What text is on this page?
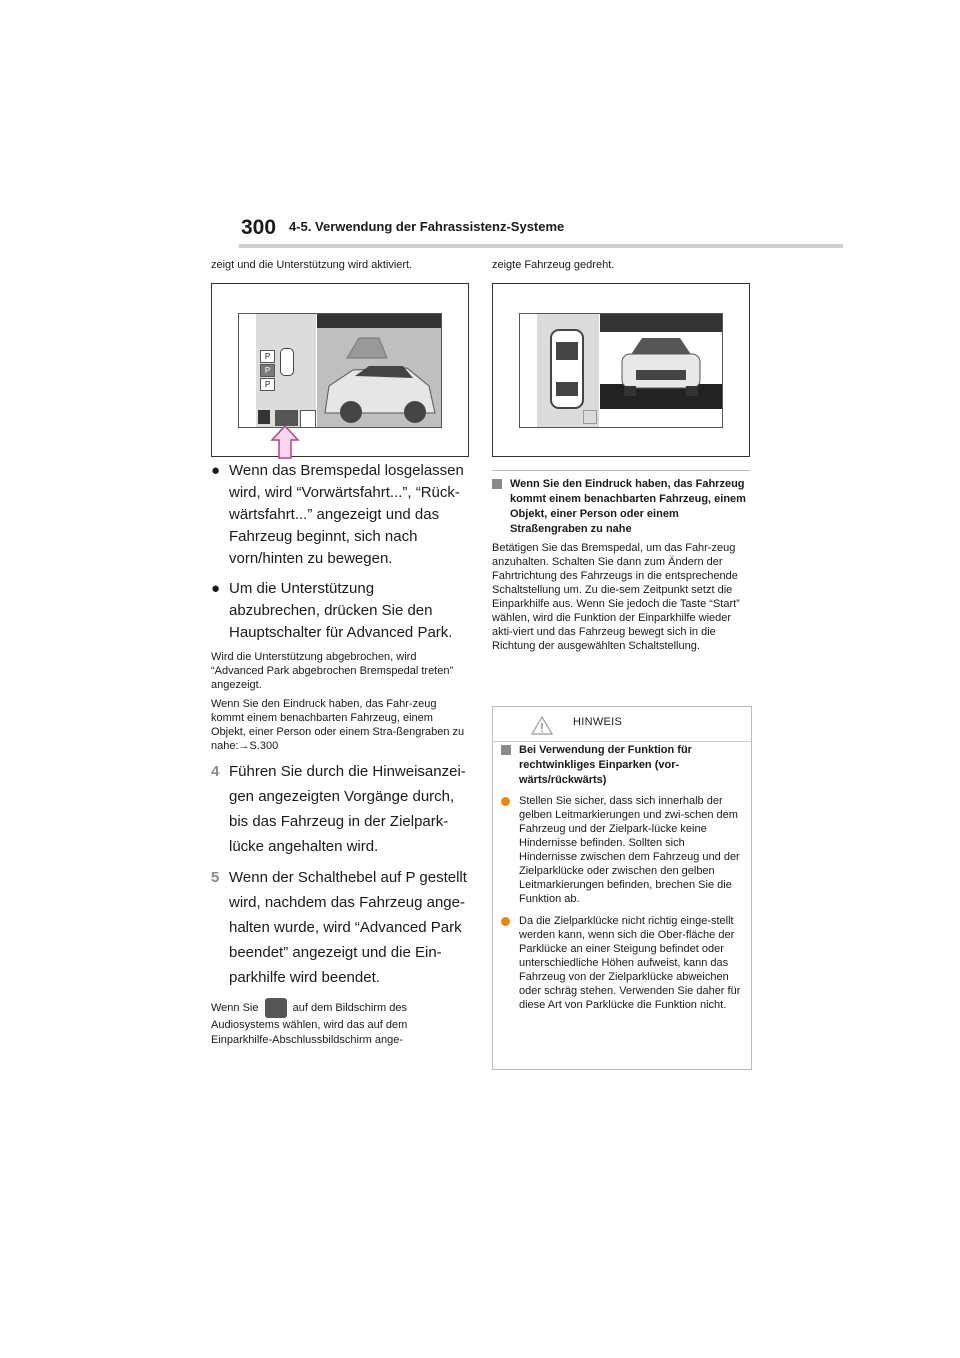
300 4-5. Verwendung der Fahrassistenz-Systeme

zeigt und die Unterstützung wird aktiviert.

P
P
P
● Wenn das Bremspedal losgelassen wird, wird “Vorwärtsfahrt...”, “Rück-wärtsfahrt...” angezeigt und das Fahrzeug beginnt, sich nach vorn/hinten zu bewegen.
● Um die Unterstützung abzubrechen, drücken Sie den Hauptschalter für Advanced Park.

Wird die Unterstützung abgebrochen, wird “Advanced Park abgebrochen Bremspedal treten” angezeigt.

Wenn Sie den Eindruck haben, das Fahr-zeug kommt einem benachbarten Fahrzeug, einem Objekt, einer Person oder einem Stra-ßengraben zu nahe:→S.300

4 Führen Sie durch die Hinweisanzei-gen angezeigten Vorgänge durch, bis das Fahrzeug in der Zielpark-lücke angehalten wird.
5 Wenn der Schalthebel auf P gestellt wird, nachdem das Fahrzeug ange-halten wurde, wird “Advanced Park beendet” angezeigt und die Ein-parkhilfe wird beendet.

Wenn Sie	auf dem Bildschirm des Audiosystems wählen, wird das auf dem Einparkhilfe-Abschlussbildschirm ange-

zeigte Fahrzeug gedreht.

Wenn Sie den Eindruck haben, das Fahrzeug kommt einem benachbarten Fahrzeug, einem Objekt, einer Person oder einem Straßengraben zu nahe

Betätigen Sie das Bremspedal, um das Fahr-zeug anzuhalten. Schalten Sie dann zum Ändern der Fahrtrichtung des Fahrzeugs in die entsprechende Schaltstellung um. Zu die-sem Zeitpunkt setzt die Einparkhilfe aus. Wenn Sie jedoch die Taste “Start” wählen, wird die Funktion der Einparkhilfe wieder akti-viert und das Fahrzeug bewegt sich in die Richtung der ausgewählten Schaltstellung.

HINWEIS
Bei Verwendung der Funktion für rechtwinkliges Einparken (vor-wärts/rückwärts)
Stellen Sie sicher, dass sich innerhalb der gelben Leitmarkierungen und zwi-schen dem Fahrzeug und der Zielpark-lücke keine Hindernisse befinden. Sollten sich Hindernisse zwischen dem Fahrzeug und der Zielparklücke oder zwischen den gelben Leitmarkierungen befinden, brechen Sie die Funktion ab.
Da die Zielparklücke nicht richtig einge-stellt werden kann, wenn sich die Ober-fläche der Parklücke an einer Steigung befindet oder unterschiedliche Höhen aufweist, kann das Fahrzeug von der Zielparklücke abweichen oder schräg stehen. Verwenden Sie daher für diese Art von Parklücke die Funktion nicht.
